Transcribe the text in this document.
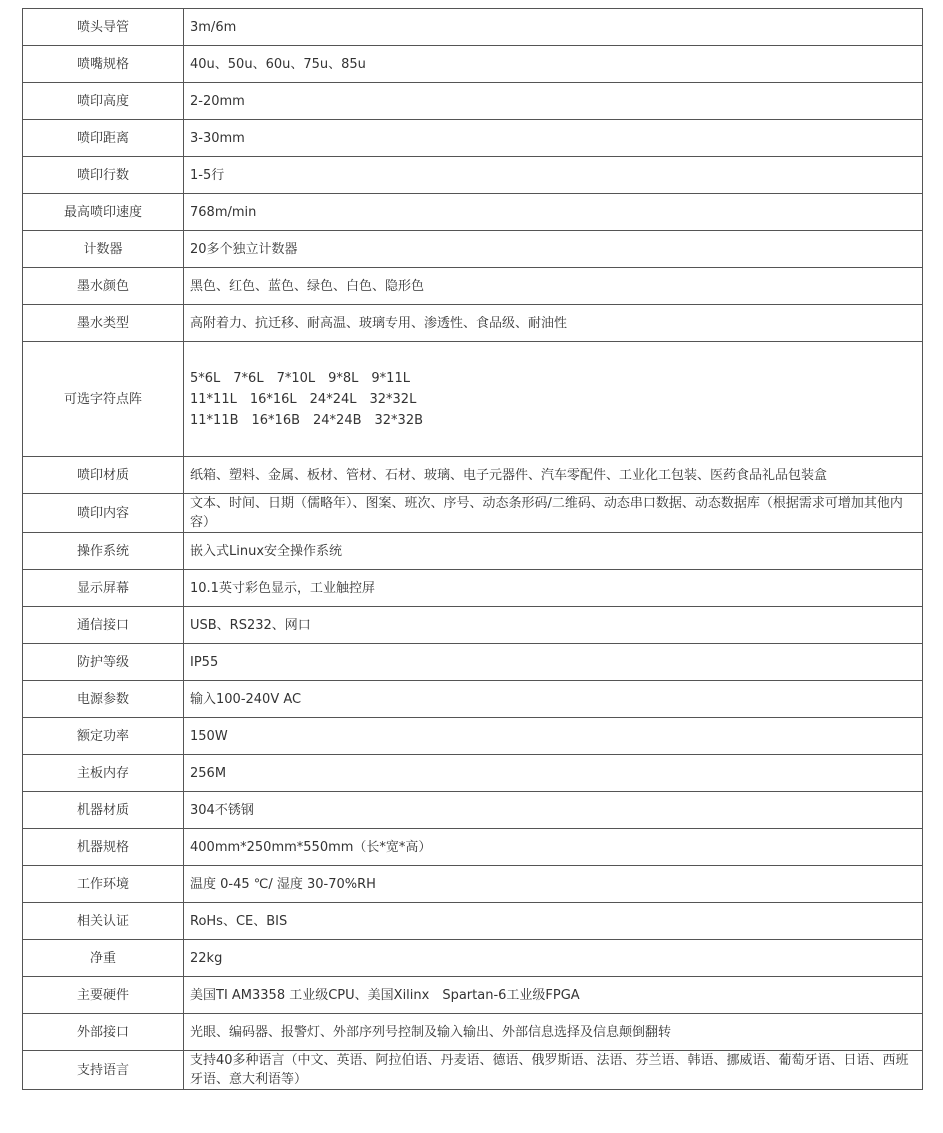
喷头导管	3m/6m
喷嘴规格	40u、50u、60u、75u、85u
喷印高度	2-20mm
喷印距离	3-30mm
喷印行数	1-5行
最高喷印速度	768m/min
计数器	20多个独立计数器
墨水颜色	黑色、红色、蓝色、绿色、白色、隐形色
墨水类型	高附着力、抗迁移、耐高温、玻璃专用、渗透性、食品级、耐油性
可选字符点阵	5*6L　7*6L　7*10L　9*8L　9*11L
11*11L　16*16L　24*24L　32*32L
11*11B　16*16B　24*24B　32*32B

喷印材质	纸箱、塑料、金属、板材、管材、石材、玻璃、电子元器件、汽车零配件、工业化工包装、医药食品礼品包装盒
喷印内容	文本、时间、日期（儒略年）、图案、班次、序号、动态条形码/二维码、动态串口数据、动态数据库（根据需求可增加其他内容）
操作系统	嵌入式Linux安全操作系统
显示屏幕	10.1英寸彩色显示，工业触控屏
通信接口	USB、RS232、网口
防护等级	IP55
电源参数	输入100-240V AC
额定功率	150W
主板内存	256M
机器材质	304不锈钢
机器规格	400mm*250mm*550mm（长*宽*高）
工作环境	温度 0-45 ℃/ 湿度 30-70%RH
相关认证	RoHs、CE、BIS
净重	22kg
主要硬件	美国TI AM3358 工业级CPU、美国Xilinx　Spartan-6工业级FPGA
外部接口	光眼、编码器、报警灯、外部序列号控制及输入输出、外部信息选择及信息颠倒翻转
支持语言	支持40多种语言（中文、英语、阿拉伯语、丹麦语、德语、俄罗斯语、法语、芬兰语、韩语、挪威语、葡萄牙语、日语、西班牙语、意大利语等）
